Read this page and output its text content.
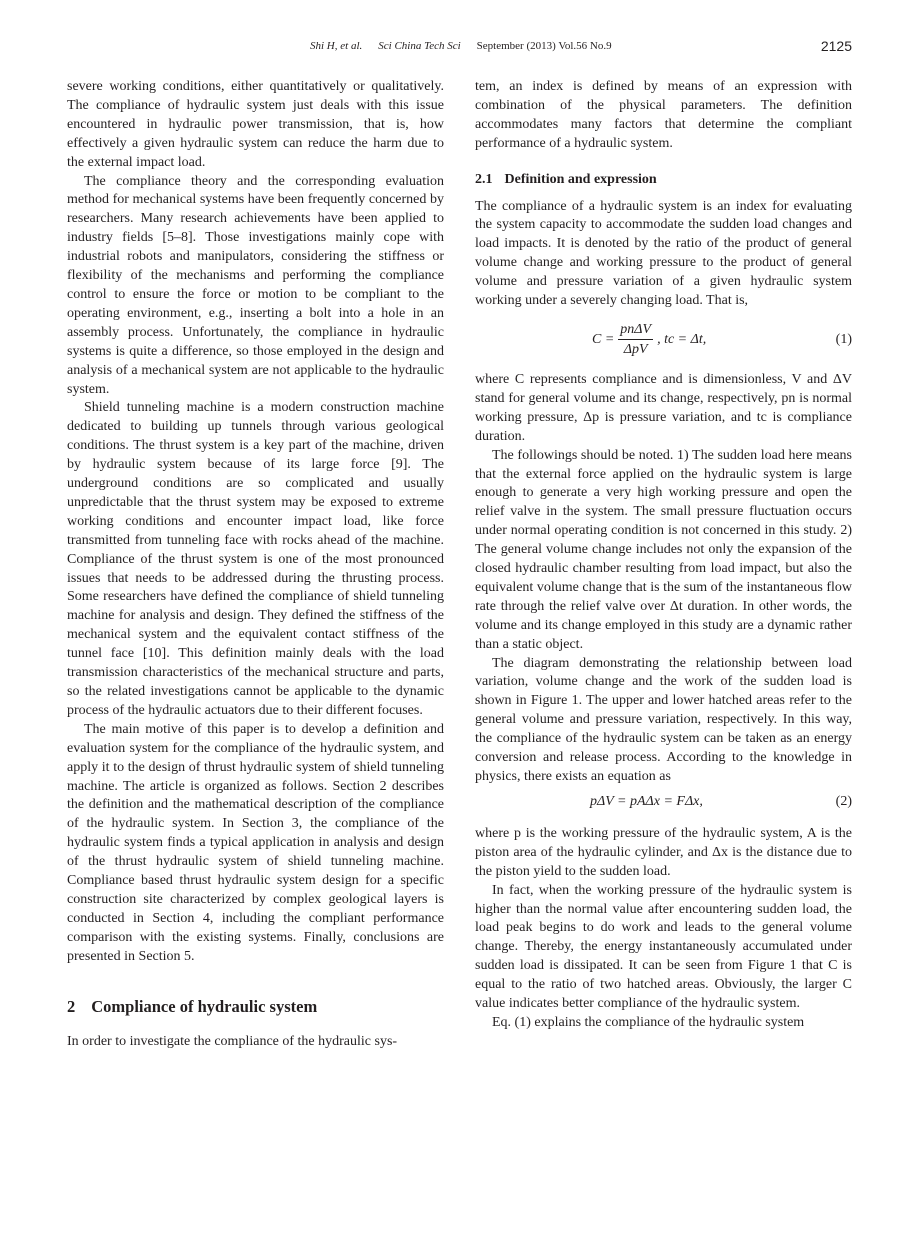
Shi H, et al. Sci China Tech Sci September (2013) Vol.56 No.9	2125

severe working conditions, either quantitatively or qualitatively. The compliance of hydraulic system just deals with this issue encountered in hydraulic power transmission, that is, how effectively a given hydraulic system can reduce the harm due to the external impact load.

The compliance theory and the corresponding evaluation method for mechanical systems have been frequently concerned by researchers. Many research achievements have been applied to industry fields [5–8]. Those investigations mainly cope with industrial robots and manipulators, considering the stiffness or flexibility of the mechanisms and performing the compliance control to ensure the force or motion to be compliant to the operating environment, e.g., inserting a bolt into a hole in an assembly process. Unfortunately, the compliance in hydraulic systems is quite a difference, so those employed in the design and analysis of a mechanical system are not applicable to the hydraulic system.

Shield tunneling machine is a modern construction machine dedicated to building up tunnels through various geological conditions. The thrust system is a key part of the machine, driven by hydraulic system because of its large force [9]. The underground conditions are so complicated and usually unpredictable that the thrust system may be exposed to extreme working conditions and encounter impact load, like force transmitted from tunneling face with rocks ahead of the machine. Compliance of the thrust system is one of the most pronounced issues that needs to be addressed during the thrusting process. Some researchers have defined the compliance of shield tunneling machine for analysis and design. They defined the stiffness of the mechanical system and the equivalent contact stiffness of the tunnel face [10]. This definition mainly deals with the load transmission characteristics of the mechanical structure and parts, so the related investigations cannot be applicable to the dynamic process of the hydraulic actuators due to their different focuses.

The main motive of this paper is to develop a definition and evaluation system for the compliance of the hydraulic system, and apply it to the design of thrust hydraulic system of shield tunneling machine. The article is organized as follows. Section 2 describes the definition and the mathematical description of the compliance of the hydraulic system. In Section 3, the compliance of the hydraulic system finds a typical application in analysis and design of the thrust hydraulic system of shield tunneling machine. Compliance based thrust hydraulic system design for a specific construction site characterized by complex geological layers is conducted in Section 4, including the compliant performance comparison with the existing systems. Finally, conclusions are presented in Section 5.

2 Compliance of hydraulic system

In order to investigate the compliance of the hydraulic sys-

tem, an index is defined by means of an expression with combination of the physical parameters. The definition accommodates many factors that determine the compliant performance of a hydraulic system.

2.1 Definition and expression

The compliance of a hydraulic system is an index for evaluating the system capacity to accommodate the sudden load changes and load impacts. It is denoted by the ratio of the product of general volume change and working pressure to the product of general volume and pressure variation of a given hydraulic system working under a severely changing load. That is,

$C = \frac{\text{pnΔV}}{\text{ΔpV}}$ , tc = Δt,	(1)

where C represents compliance and is dimensionless, V and ΔV stand for general volume and its change, respectively, pn is normal working pressure, Δp is pressure variation, and tc is compliance duration.

The followings should be noted. 1) The sudden load here means that the external force applied on the hydraulic system is large enough to generate a very high working pressure and open the relief valve in the system. The small pressure fluctuation occurs under normal operating condition is not concerned in this study. 2) The general volume change includes not only the expansion of the closed hydraulic chamber resulting from load impact, but also the equivalent volume change that is the sum of the instantaneous flow rate through the relief valve over Δt duration. In other words, the volume and its change employed in this study are a dynamic rather than a static object.

The diagram demonstrating the relationship between load variation, volume change and the work of the sudden load is shown in Figure 1. The upper and lower hatched areas refer to the general volume and pressure variation, respectively. In this way, the compliance of the hydraulic system can be taken as an energy conversion and release process. According to the knowledge in physics, there exists an equation as

pΔV = pAΔx = FΔx,	(2)

where p is the working pressure of the hydraulic system, A is the piston area of the hydraulic cylinder, and Δx is the distance due to the piston yield to the sudden load.

In fact, when the working pressure of the hydraulic system is higher than the normal value after encountering sudden load, the load peak begins to do work and leads to the general volume change. Thereby, the energy instantaneously accumulated under sudden load is dissipated. It can be seen from Figure 1 that C is equal to the ratio of two hatched areas. Obviously, the larger C value indicates better compliance of the hydraulic system.

Eq. (1) explains the compliance of the hydraulic system
